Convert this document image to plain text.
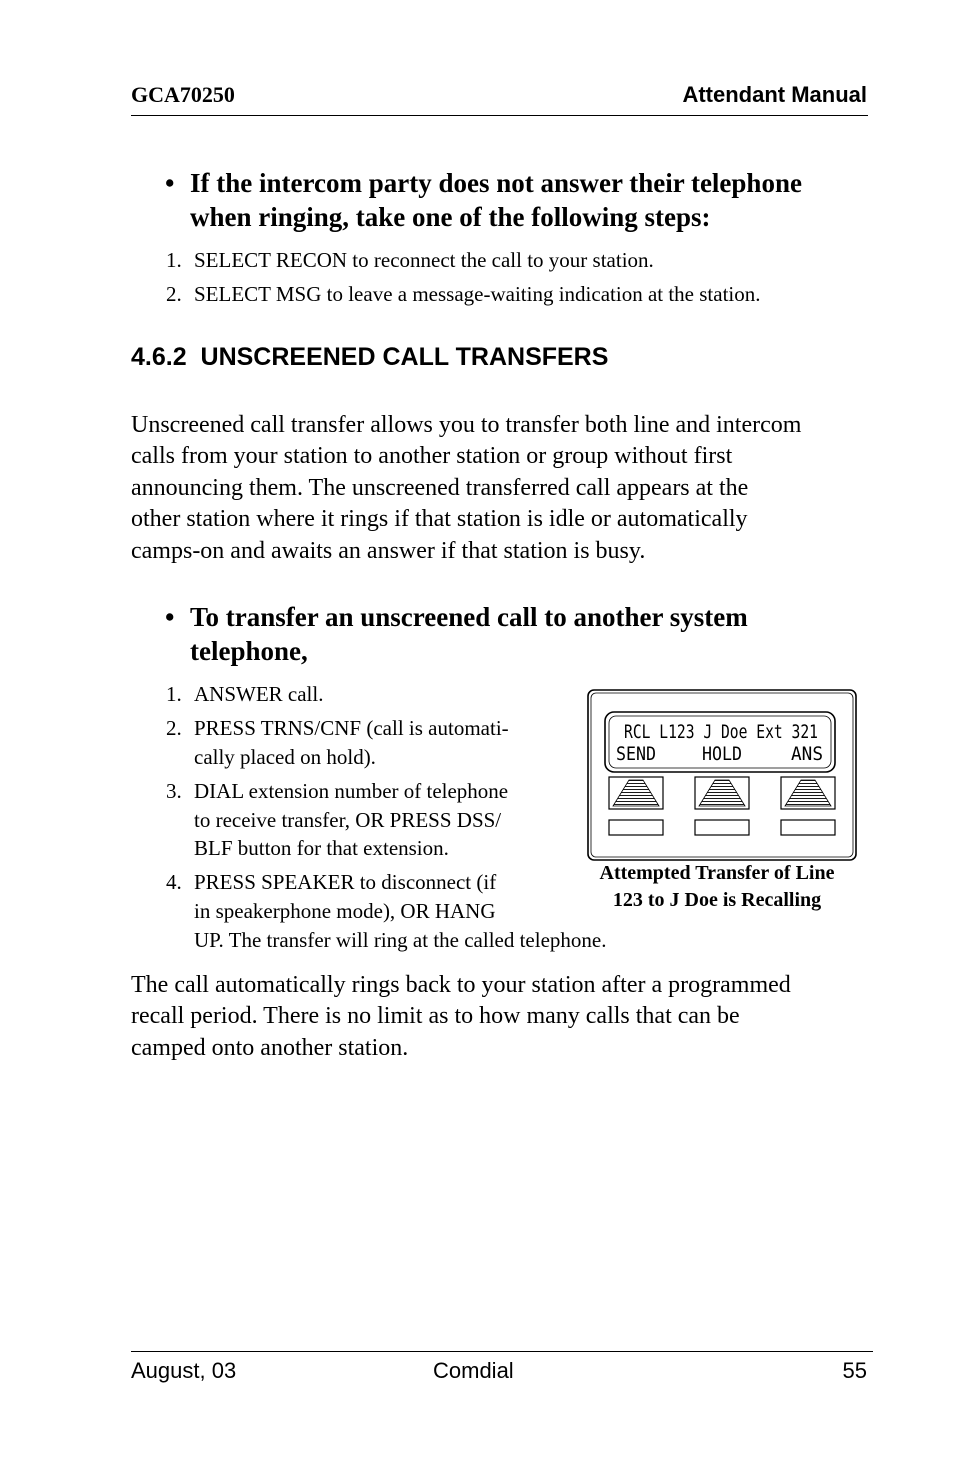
GCA70250	Attendant Manual
• If the intercom party does not answer their telephone
when ringing, take one of the following steps:
1. SELECT RECON to reconnect the call to your station.
2. SELECT MSG to leave a message-waiting indication at the station.
4.6.2 UNSCREENED CALL TRANSFERS
Unscreened call transfer allows you to transfer both line and intercom
calls from your station to another station or group without first
announcing them. The unscreened transferred call appears at the
other station where it rings if that station is idle or automatically
camps-on and awaits an answer if that station is busy.
• To transfer an unscreened call to another system
telephone,
1. ANSWER call.
2. PRESS TRNS/CNF (call is automati-
cally placed on hold).
3. DIAL extension number of telephone
to receive transfer, OR PRESS DSS/
BLF button for that extension.
4. PRESS SPEAKER to disconnect (if
in speakerphone mode), OR HANG
UP. The transfer will ring at the called telephone.
RCL L123 J Doe Ext 321
SEND HOLD	ANS
Attempted Transfer of Line
123 to J Doe is Recalling
The call automatically rings back to your station after a programmed
recall period. There is no limit as to how many calls that can be
camped onto another station.
August, 03	Comdial	55
